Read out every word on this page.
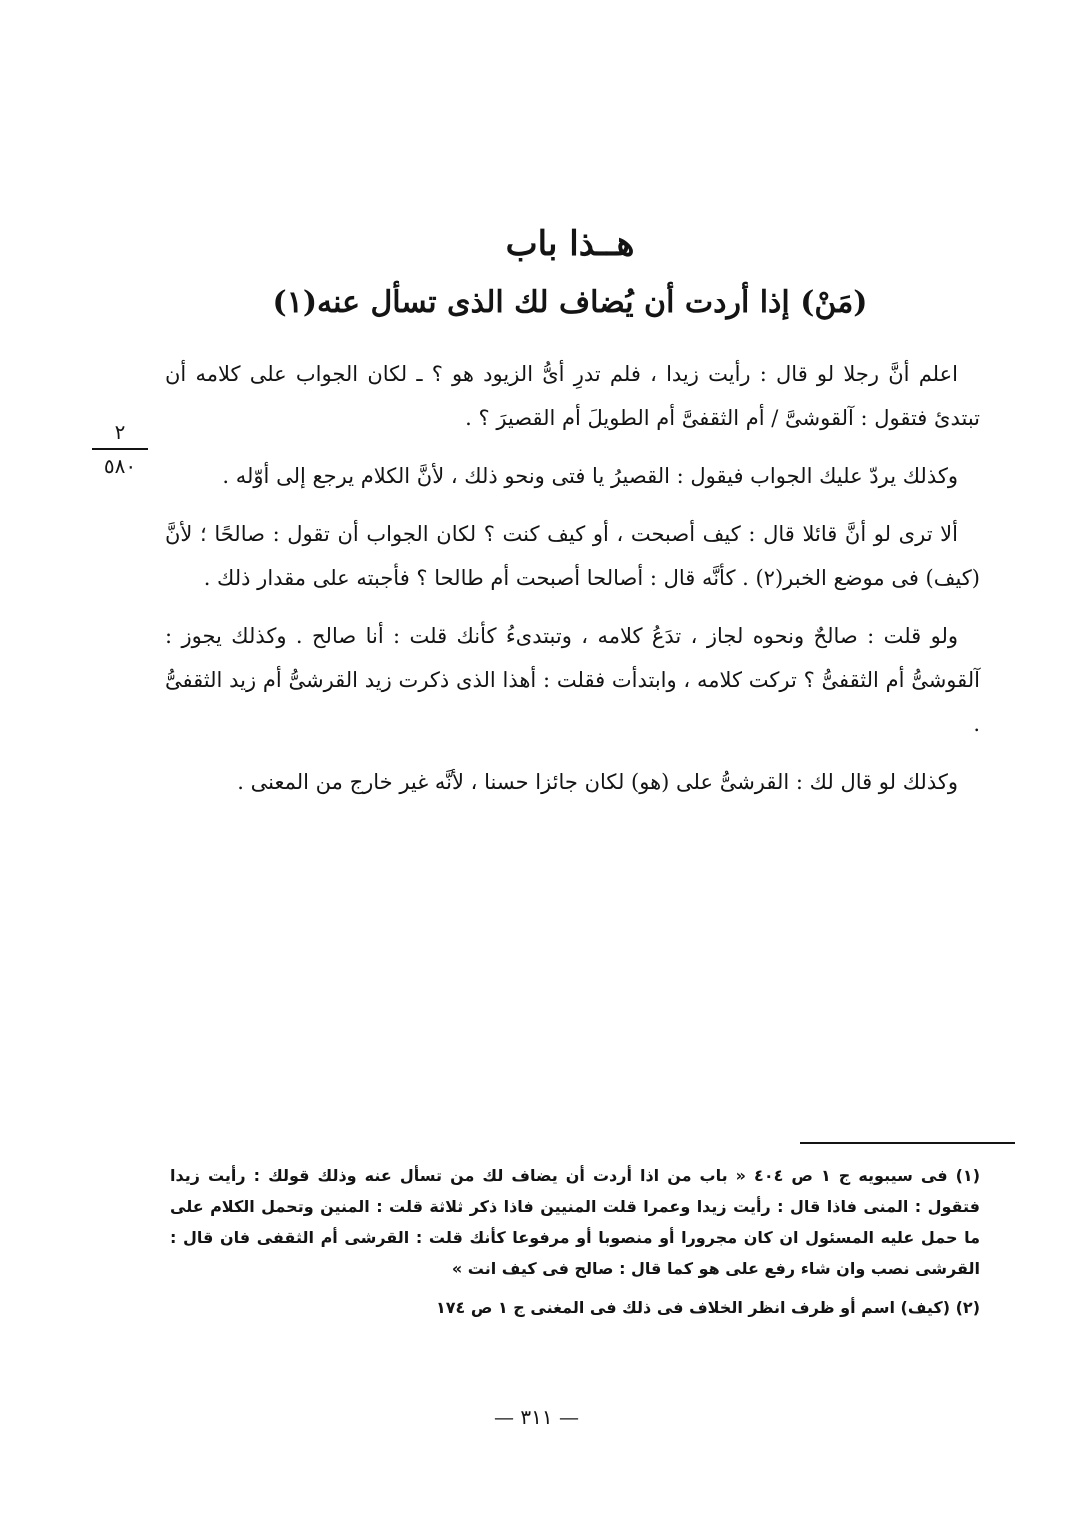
هــذا باب
(مَنْ) إذا أردت أن يُضاف لك الذى تسأل عنه(١)
٢
٥٨٠

اعلم أنَّ رجلا لو قال : رأيت زيدا ، فلم تدرِ أىُّ الزيود هو ؟ ـ لكان الجواب على كلامه أن تبتدئ فتقول : آلقوشىَّ / أم الثقفىَّ أم الطويلَ أم القصيرَ ؟ .

وكذلك يردّ عليك الجواب فيقول : القصيرُ يا فتى ونحو ذلك ، لأنَّ الكلام يرجع إلى أوّله .

ألا ترى لو أنَّ قائلا قال : كيف أصبحت ، أو كيف كنت ؟ لكان الجواب أن تقول : صالحًا ؛ لأنَّ (كيف) فى موضع الخبر(٢) . كأنَّه قال : أصالحا أصبحت أم طالحا ؟ فأجبته على مقدار ذلك .

ولو قلت : صالحٌ ونحوه لجاز ، تدَعُ كلامه ، وتبتدىءُ كأنك قلت : أنا صالح . وكذلك يجوز : آلقوشىُّ أم الثقفىُّ ؟ تركت كلامه ، وابتدأت فقلت : أهذا الذى ذكرت زيد القرشىُّ أم زيد الثقفىُّ .

وكذلك لو قال لك : القرشىُّ على (هو) لكان جائزا حسنا ، لأنَّه غير خارج من المعنى .

(١) فى سيبويه ج ١ ص ٤٠٤ « باب من اذا أردت أن يضاف لك من تسأل عنه وذلك قولك : رأيت زيدا فتقول : المنى فاذا قال : رأيت زيدا وعمرا قلت المنيين فاذا ذكر ثلاثة قلت : المنين وتحمل الكلام على ما حمل عليه المسئول ان كان مجرورا أو منصوبا أو مرفوعا كأنك قلت : القرشى أم الثقفى فان قال : القرشى نصب وان شاء رفع على هو كما قال : صالح فى كيف انت »

(٢) (كيف) اسم أو ظرف انظر الخلاف فى ذلك فى المغنى ج ١ ص ١٧٤

— ٣١١ —
